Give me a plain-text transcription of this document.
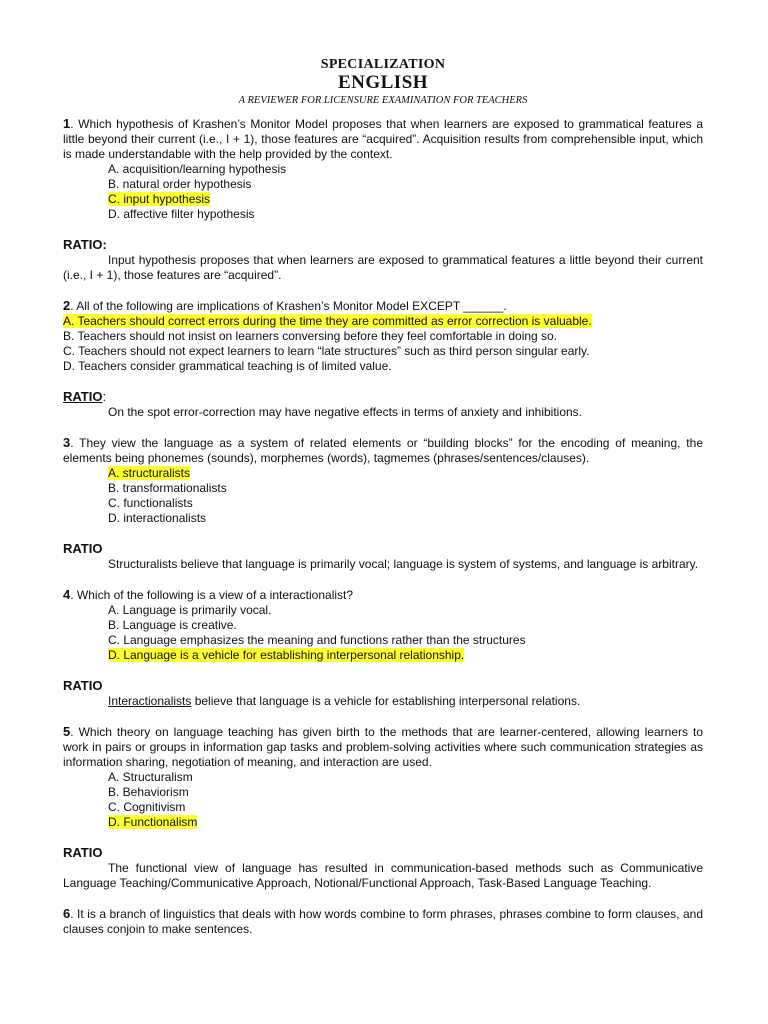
SPECIALIZATION
ENGLISH
A REVIEWER FOR LICENSURE EXAMINATION FOR TEACHERS

1. Which hypothesis of Krashen’s Monitor Model proposes that when learners are exposed to grammatical features a little beyond their current (i.e., I + 1), those features are “acquired”. Acquisition results from comprehensible input, which is made understandable with the help provided by the context.

A. acquisition/learning hypothesis
B. natural order hypothesis
C. input hypothesis
D. affective filter hypothesis
RATIO:

Input hypothesis proposes that when learners are exposed to grammatical features a little beyond their current (i.e., I + 1), those features are “acquired”.

2. All of the following are implications of Krashen’s Monitor Model EXCEPT ______.

A. Teachers should correct errors during the time they are committed as error correction is valuable.
B. Teachers should not insist on learners conversing before they feel comfortable in doing so.
C. Teachers should not expect learners to learn “late structures” such as third person singular early.
D. Teachers consider grammatical teaching is of limited value.
RATIO:

On the spot error-correction may have negative effects in terms of anxiety and inhibitions.

3. They view the language as a system of related elements or “building blocks” for the encoding of meaning, the elements being phonemes (sounds), morphemes (words), tagmemes (phrases/sentences/clauses).

A. structuralists
B. transformationalists
C. functionalists
D. interactionalists
RATIO

Structuralists believe that language is primarily vocal; language is system of systems, and language is arbitrary.

4. Which of the following is a view of a interactionalist?

A. Language is primarily vocal.
B. Language is creative.
C. Language emphasizes the meaning and functions rather than the structures
D. Language is a vehicle for establishing interpersonal relationship.
RATIO

Interactionalists believe that language is a vehicle for establishing interpersonal relations.

5. Which theory on language teaching has given birth to the methods that are learner-centered, allowing learners to work in pairs or groups in information gap tasks and problem-solving activities where such communication strategies as information sharing, negotiation of meaning, and interaction are used.

A. Structuralism
B. Behaviorism
C. Cognitivism
D. Functionalism
RATIO

The functional view of language has resulted in communication-based methods such as Communicative Language Teaching/Communicative Approach, Notional/Functional Approach, Task-Based Language Teaching.

6. It is a branch of linguistics that deals with how words combine to form phrases, phrases combine to form clauses, and clauses conjoin to make sentences.
